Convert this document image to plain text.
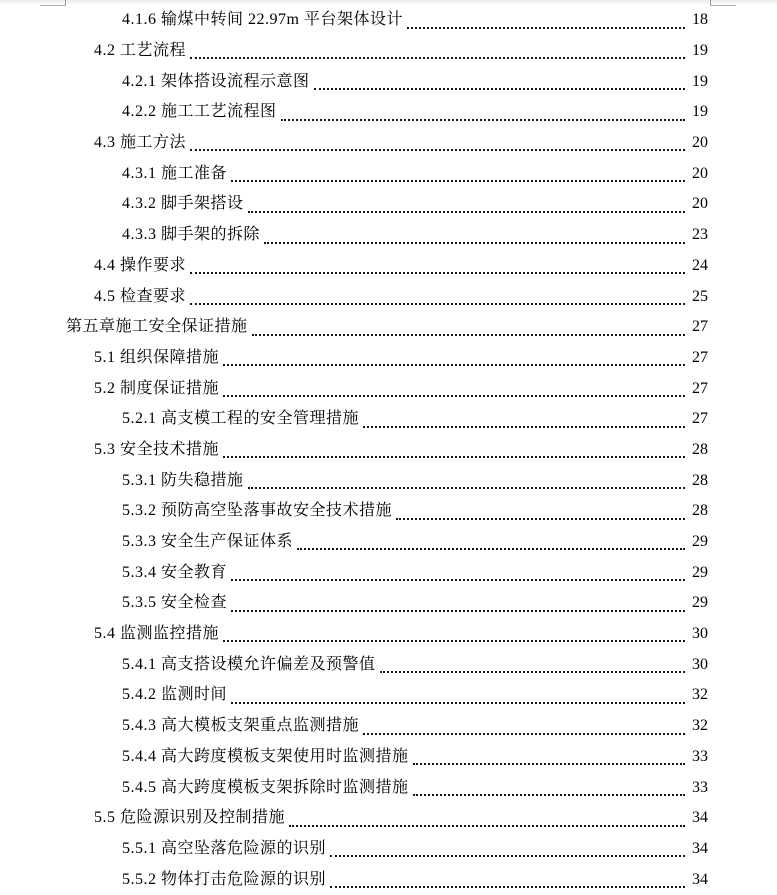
4.1.6 输煤中转间 22.97m 平台架体设计	18
4.2 工艺流程	19
4.2.1 架体搭设流程示意图	19
4.2.2 施工工艺流程图	19
4.3 施工方法	20
4.3.1 施工准备	20
4.3.2 脚手架搭设	20
4.3.3 脚手架的拆除	23
4.4 操作要求	24
4.5 检查要求	25
第五章施工安全保证措施	27
5.1 组织保障措施	27
5.2 制度保证措施	27
5.2.1 高支模工程的安全管理措施	27
5.3 安全技术措施	28
5.3.1 防失稳措施	28
5.3.2 预防高空坠落事故安全技术措施	28
5.3.3 安全生产保证体系	29
5.3.4 安全教育	29
5.3.5 安全检查	29
5.4 监测监控措施	30
5.4.1 高支搭设模允许偏差及预警值	30
5.4.2 监测时间	32
5.4.3 高大模板支架重点监测措施	32
5.4.4 高大跨度模板支架使用时监测措施	33
5.4.5 高大跨度模板支架拆除时监测措施	33
5.5 危险源识别及控制措施	34
5.5.1 高空坠落危险源的识别	34
5.5.2 物体打击危险源的识别	34
